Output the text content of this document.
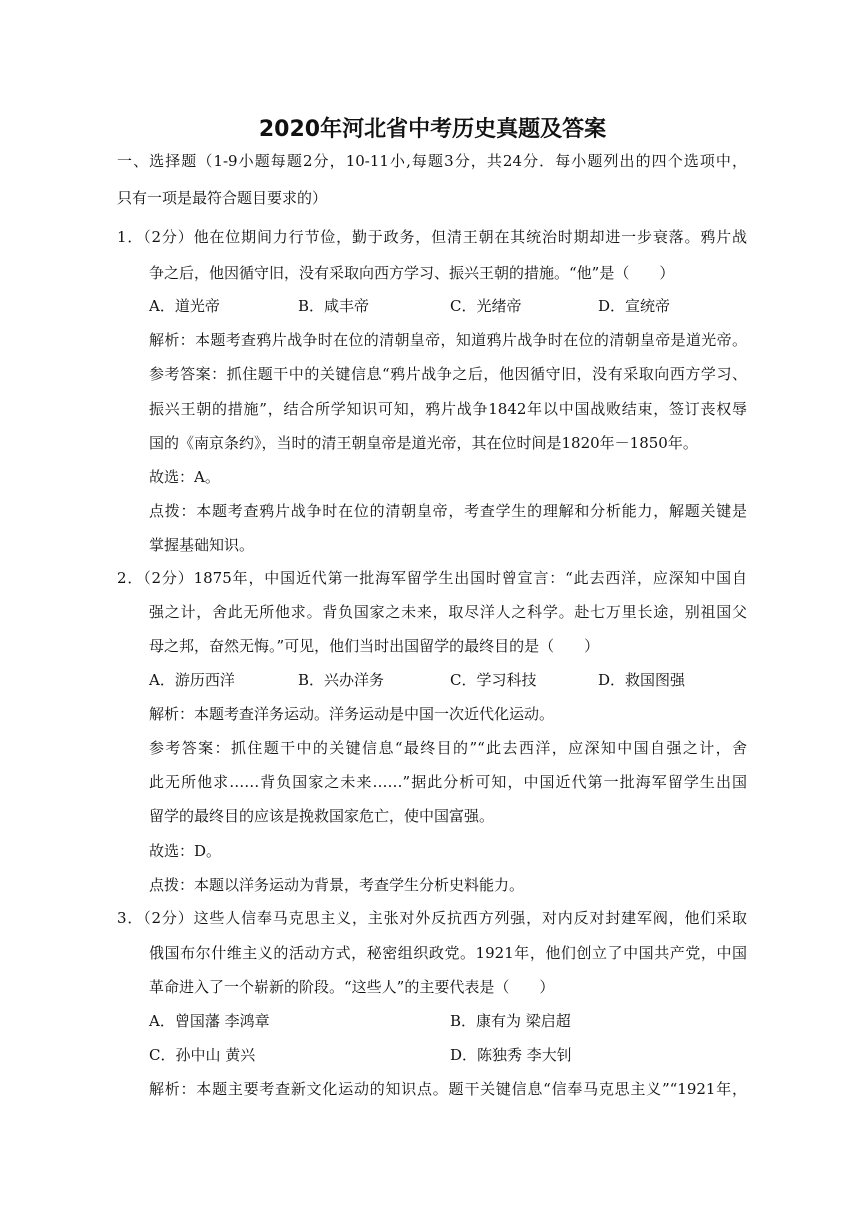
2020年河北省中考历史真题及答案
一、选择题（1-9小题每题2分，10-11小,每题3分，共24分．每小题列出的四个选项中，
只有一项是最符合题目要求的）
1．（2分）他在位期间力行节俭，勤于政务，但清王朝在其统治时期却进一步衰落。鸦片战
争之后，他因循守旧，没有采取向西方学习、振兴王朝的措施。“他”是（　　）
A．道光帝	B．咸丰帝	C．光绪帝	D．宣统帝
解析：本题考查鸦片战争时在位的清朝皇帝，知道鸦片战争时在位的清朝皇帝是道光帝。
参考答案：抓住题干中的关键信息“鸦片战争之后，他因循守旧，没有采取向西方学习、
振兴王朝的措施”，结合所学知识可知，鸦片战争1842年以中国战败结束，签订丧权辱
国的《南京条约》，当时的清王朝皇帝是道光帝，其在位时间是1820年－1850年。
故选：A。
点拨：本题考查鸦片战争时在位的清朝皇帝，考查学生的理解和分析能力，解题关键是
掌握基础知识。
2．（2分）1875年，中国近代第一批海军留学生出国时曾宣言：“此去西洋，应深知中国自
强之计，舍此无所他求。背负国家之未来，取尽洋人之科学。赴七万里长途，别祖国父
母之邦，奋然无悔。”可见，他们当时出国留学的最终目的是（　　）
A．游历西洋	B．兴办洋务	C．学习科技	D．救国图强
解析：本题考查洋务运动。洋务运动是中国一次近代化运动。
参考答案：抓住题干中的关键信息“最终目的”“此去西洋，应深知中国自强之计，舍
此无所他求……背负国家之未来……”据此分析可知，中国近代第一批海军留学生出国
留学的最终目的应该是挽救国家危亡，使中国富强。
故选：D。
点拨：本题以洋务运动为背景，考查学生分析史料能力。
3．（2分）这些人信奉马克思主义，主张对外反抗西方列强，对内反对封建军阀，他们采取
俄国布尔什维主义的活动方式，秘密组织政党。1921年，他们创立了中国共产党，中国
革命进入了一个崭新的阶段。“这些人”的主要代表是（　　）
A．曾国藩 李鸿章	B．康有为 梁启超
C．孙中山 黄兴	D．陈独秀 李大钊
解析：本题主要考查新文化运动的知识点。题干关键信息“信奉马克思主义”“1921年，
